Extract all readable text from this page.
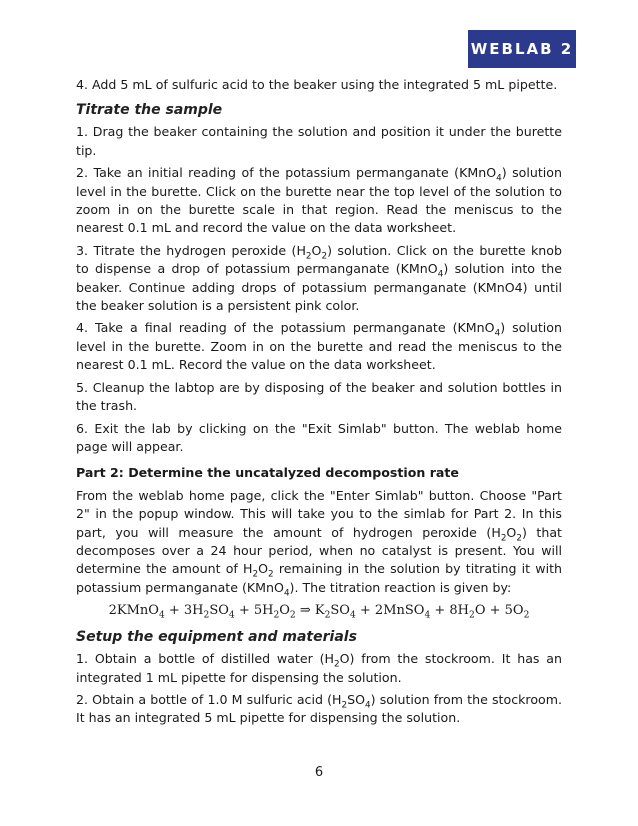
WEBLAB 2

4. Add 5 mL of sulfuric acid to the beaker using the integrated 5 mL pipette.

Titrate the sample

1. Drag the beaker containing the solution and position it under the burette tip.

2. Take an initial reading of the potassium permanganate (KMnO$_4$) solution level in the burette. Click on the burette near the top level of the solution to zoom in on the burette scale in that region. Read the meniscus to the nearest 0.1 mL and record the value on the data worksheet.

3. Titrate the hydrogen peroxide $(H_2O_2)$ solution. Click on the burette knob to dispense a drop of potassium permanganate (KMnO$_4$) solution into the beaker. Continue adding drops of potassium permanganate (KMnO4) until the beaker solution is a persistent pink color.

4. Take a final reading of the potassium permanganate (KMnO$_4$) solution level in the burette. Zoom in on the burette and read the meniscus to the nearest 0.1 mL. Record the value on the data worksheet.

5. Cleanup the labtop are by disposing of the beaker and solution bottles in the trash.

6. Exit the lab by clicking on the "Exit Simlab" button. The weblab home page will appear.

Part 2: Determine the uncatalyzed decompostion rate

From the weblab home page, click the "Enter Simlab" button. Choose "Part 2" in the popup window. This will take you to the simlab for Part 2. In this part, you will measure the amount of hydrogen peroxide $(H_2O_2)$ that decomposes over a 24 hour period, when no catalyst is present. You will determine the amount of $H_2O_2$ remaining in the solution by titrating it with potassium permanganate (KMnO$_4$). The titration reaction is given by:

2KMnO$_4$ + $3H_2SO_4 + 5H_2O_2$ ⇒ $K_2SO_4$ + 2MnSO$_4$ + $8H_2O + 5O_2$
Setup the equipment and materials

1. Obtain a bottle of distilled water $(H_2O)$ from the stockroom. It has an integrated 1 mL pipette for dispensing the solution.

2. Obtain a bottle of 1.0 M sulfuric acid $(H_2SO_4)$ solution from the stockroom. It has an integrated 5 mL pipette for dispensing the solution.

6
